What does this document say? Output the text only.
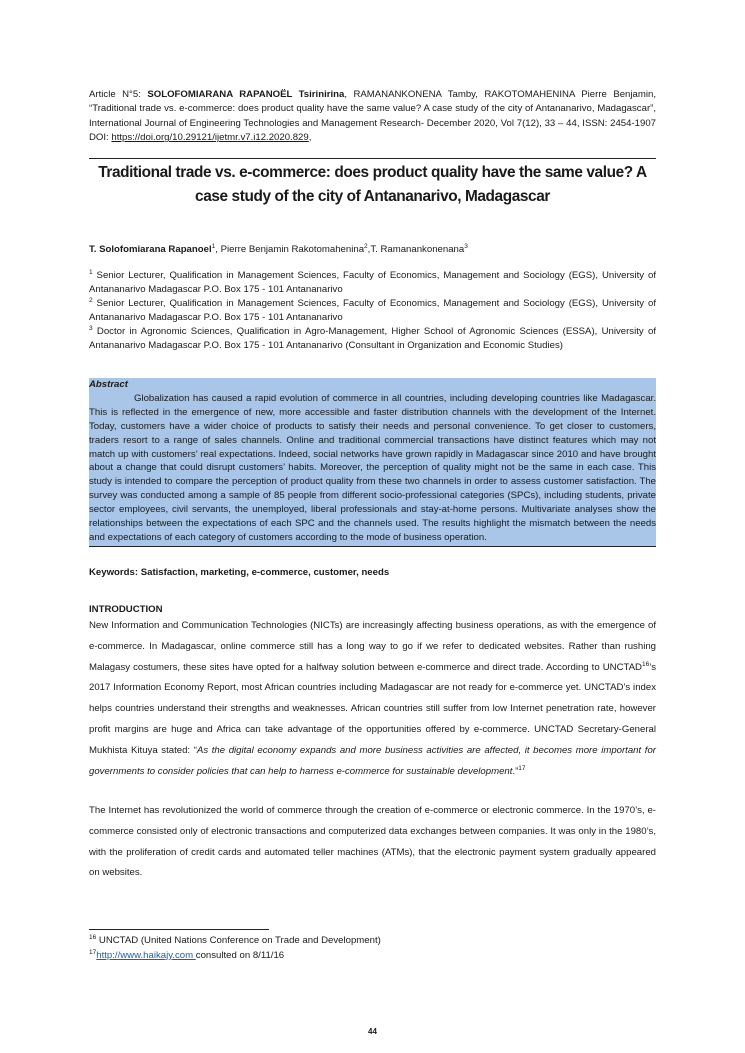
Article N°5: SOLOFOMIARANA RAPANOËL Tsirinirina, RAMANANKONENA Tamby, RAKOTOMAHENINA Pierre Benjamin, “Traditional trade vs. e-commerce: does product quality have the same value? A case study of the city of Antananarivo, Madagascar”, International Journal of Engineering Technologies and Management Research- December 2020, Vol 7(12), 33 – 44, ISSN: 2454-1907 DOI: https://doi.org/10.29121/ijetmr.v7.i12.2020.829,
Traditional trade vs. e-commerce: does product quality have the same value? A case study of the city of Antananarivo, Madagascar
T. Solofomiarana Rapanoel$^1$, Pierre Benjamin Rakotomahenina$^2$,T. Ramanankonenana$^3$

$^1$ Senior Lecturer, Qualification in Management Sciences, Faculty of Economics, Management and Sociology (EGS), University of Antananarivo Madagascar P.O. Box 175 - 101 Antananarivo

$^2$ Senior Lecturer, Qualification in Management Sciences, Faculty of Economics, Management and Sociology (EGS), University of Antananarivo Madagascar P.O. Box 175 - 101 Antananarivo

$^3$ Doctor in Agronomic Sciences, Qualification in Agro-Management, Higher School of Agronomic Sciences (ESSA), University of Antananarivo Madagascar P.O. Box 175 - 101 Antananarivo (Consultant in Organization and Economic Studies)

Abstract
Globalization has caused a rapid evolution of commerce in all countries, including developing countries like Madagascar. This is reflected in the emergence of new, more accessible and faster distribution channels with the development of the Internet. Today, customers have a wider choice of products to satisfy their needs and personal convenience. To get closer to customers, traders resort to a range of sales channels. Online and traditional commercial transactions have distinct features which may not match up with customers’ real expectations. Indeed, social networks have grown rapidly in Madagascar since 2010 and have brought about a change that could disrupt customers’ habits. Moreover, the perception of quality might not be the same in each case. This study is intended to compare the perception of product quality from these two channels in order to assess customer satisfaction. The survey was conducted among a sample of 85 people from different socio-professional categories (SPCs), including students, private sector employees, civil servants, the unemployed, liberal professionals and stay-at-home persons. Multivariate analyses show the relationships between the expectations of each SPC and the channels used. The results highlight the mismatch between the needs and expectations of each category of customers according to the mode of business operation.
Keywords: Satisfaction, marketing, e-commerce, customer, needs
INTRODUCTION
New Information and Communication Technologies (NICTs) are increasingly affecting business operations, as with the emergence of e-commerce. In Madagascar, online commerce still has a long way to go if we refer to dedicated websites. Rather than rushing Malagasy costumers, these sites have opted for a halfway solution between e-commerce and direct trade. According to UNCTAD$^{16}$’s 2017 Information Economy Report, most African countries including Madagascar are not ready for e-commerce yet. UNCTAD’s index helps countries understand their strengths and weaknesses. African countries still suffer from low Internet penetration rate, however profit margins are huge and Africa can take advantage of the opportunities offered by e-commerce. UNCTAD Secretary-General Mukhista Kituya stated: “As the digital economy expands and more business activities are affected, it becomes more important for governments to consider policies that can help to harness e-commerce for sustainable development.”$^{17}$
The Internet has revolutionized the world of commerce through the creation of e-commerce or electronic commerce. In the 1970’s, e-commerce consisted only of electronic transactions and computerized data exchanges between companies. It was only in the 1980’s, with the proliferation of credit cards and automated teller machines (ATMs), that the electronic payment system gradually appeared on websites.

$^{16}$ UNCTAD (United Nations Conference on Trade and Development)

$^{17}$http://www.haikajy.com consulted on 8/11/16

44
